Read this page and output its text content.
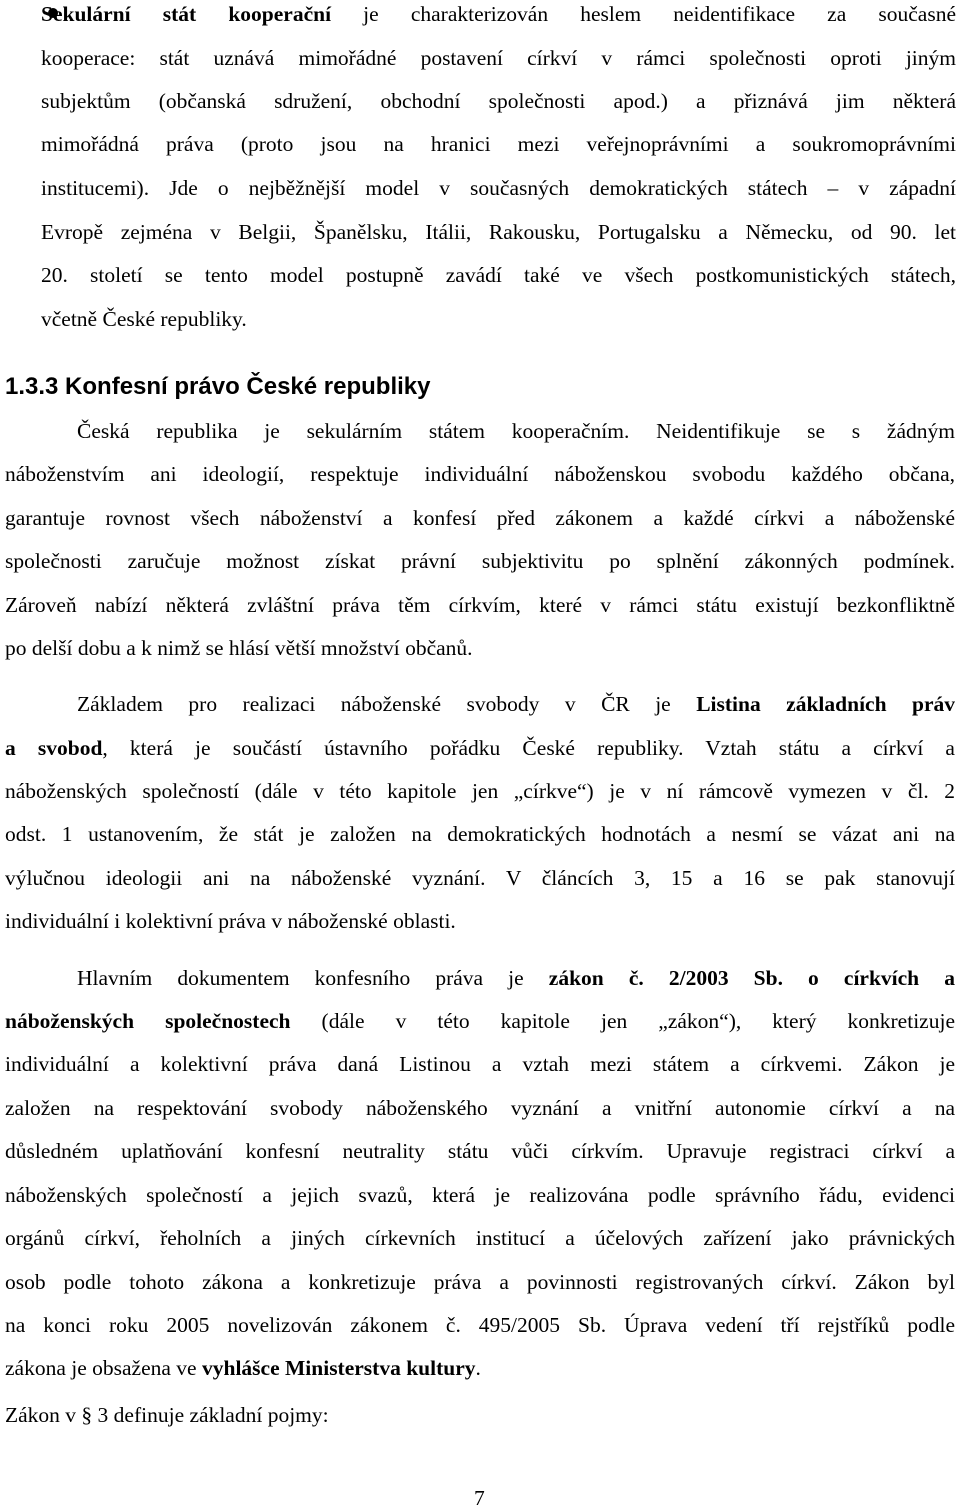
Sekulární stát kooperační je charakterizován heslem neidentifikace za současné
kooperace: stát uznává mimořádné postavení církví v rámci společnosti oproti jiným
subjektům (občanská sdružení, obchodní společnosti apod.) a přiznává jim některá
mimořádná práva (proto jsou na hranici mezi veřejnoprávními a soukromoprávními
institucemi). Jde o nejběžnější model v současných demokratických státech – v západní
Evropě zejména v Belgii, Španělsku, Itálii, Rakousku, Portugalsku a Německu, od 90. let
20. století se tento model postupně zavádí také ve všech postkomunistických státech,
včetně České republiky.
1.3.3 Konfesní právo České republiky
Česká republika je sekulárním státem kooperačním. Neidentifikuje se s žádným
náboženstvím ani ideologií, respektuje individuální náboženskou svobodu každého občana,
garantuje rovnost všech náboženství a konfesí před zákonem a každé církvi a náboženské
společnosti zaručuje možnost získat právní subjektivitu po splnění zákonných podmínek.
Zároveň nabízí některá zvláštní práva těm církvím, které v rámci státu existují bezkonfliktně
po delší dobu a k nimž se hlásí větší množství občanů.
Základem pro realizaci náboženské svobody v ČR je Listina základních práv
a svobod, která je součástí ústavního pořádku České republiky. Vztah státu a církví a
náboženských společností (dále v této kapitole jen „církve“) je v ní rámcově vymezen v čl. 2
odst. 1 ustanovením, že stát je založen na demokratických hodnotách a nesmí se vázat ani na
výlučnou ideologii ani na náboženské vyznání. V článcích 3, 15 a 16 se pak stanovují
individuální i kolektivní práva v náboženské oblasti.
Hlavním dokumentem konfesního práva je zákon č. 2/2003 Sb. o církvích a
náboženských společnostech (dále v této kapitole jen „zákon“), který konkretizuje
individuální a kolektivní práva daná Listinou a vztah mezi státem a církvemi. Zákon je
založen na respektování svobody náboženského vyznání a vnitřní autonomie církví a na
důsledném uplatňování konfesní neutrality státu vůči církvím. Upravuje registraci církví a
náboženských společností a jejich svazů, která je realizována podle správního řádu, evidenci
orgánů církví, řeholních a jiných církevních institucí a účelových zařízení jako právnických
osob podle tohoto zákona a konkretizuje práva a povinnosti registrovaných církví. Zákon byl
na konci roku 2005 novelizován zákonem č. 495/2005 Sb. Úprava vedení tří rejstříků podle
zákona je obsažena ve vyhlášce Ministerstva kultury.
Zákon v § 3 definuje základní pojmy:
7
